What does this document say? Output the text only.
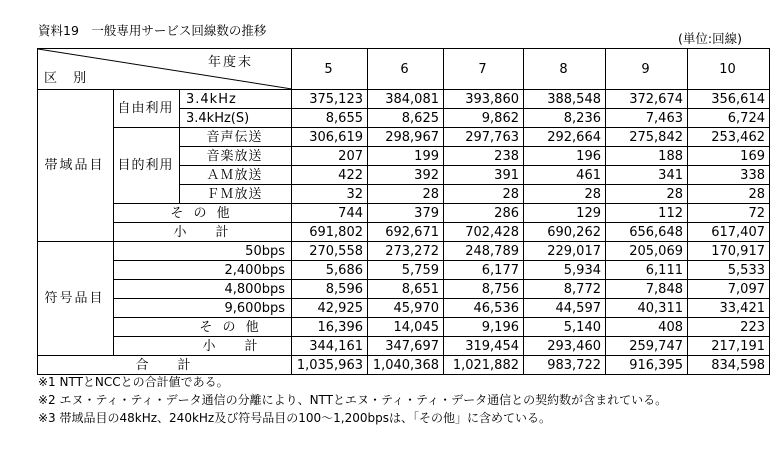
資料19　一般専用サービス回線数の推移
(単位:回線)
区 別
年度末			5	6	7	8	9	10
帯域品目	自由利用	3.4kHz	375,123	384,081	393,860	388,548	372,674	356,614
		3.4kHz(S)	8,655	8,625	9,862	8,236	7,463	6,724
	目的利用	音声伝送	306,619	298,967	297,763	292,664	275,842	253,462
		音楽放送	207	199	238	196	188	169
		ＡＭ放送	422	392	391	461	341	338
		ＦＭ放送	32	28	28	28	28	28
	そ の 他		744	379	286	129	112	72
	小　　計		691,802	692,671	702,428	690,262	656,648	617,407
符号品目	50bps		270,558	273,272	248,789	229,017	205,069	170,917
	2,400bps		5,686	5,759	6,177	5,934	6,111	5,533
	4,800bps		8,596	8,651	8,756	8,772	7,848	7,097
	9,600bps		42,925	45,970	46,536	44,597	40,311	33,421
	そ の 他		16,396	14,045	9,196	5,140	408	223
	小　　計		344,161	347,697	319,454	293,460	259,747	217,191
合　　計			1,035,963	1,040,368	1,021,882	983,722	916,395	834,598
※1 NTTとNCCとの合計値である。
※2 エヌ・ティ・ティ・データ通信の分離により、NTTとエヌ・ティ・ティ・データ通信との契約数が含まれている。
※3 帯域品目の48kHz、240kHz及び符号品目の100～1,200bpsは、「その他」に含めている。
